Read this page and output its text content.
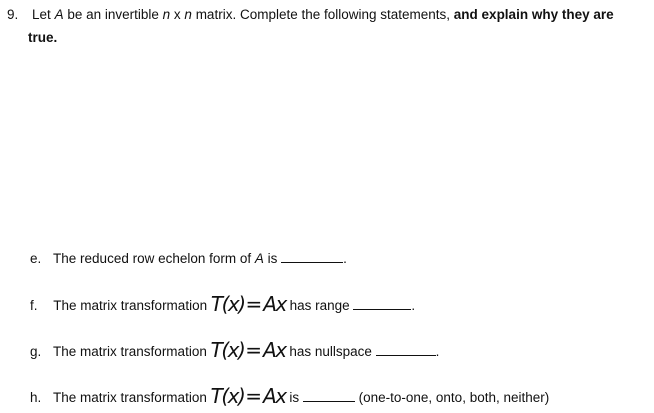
9. Let A be an invertible n x n matrix. Complete the following statements, and explain why they are
true.
e. The reduced row echelon form of A is	.
f. The matrix transformation T(x)=Ax has range	.
g. The matrix transformation T(x)=Ax has nullspace	.
h. The matrix transformation T(x)=Ax is	(one-to-one, onto, both, neither)
